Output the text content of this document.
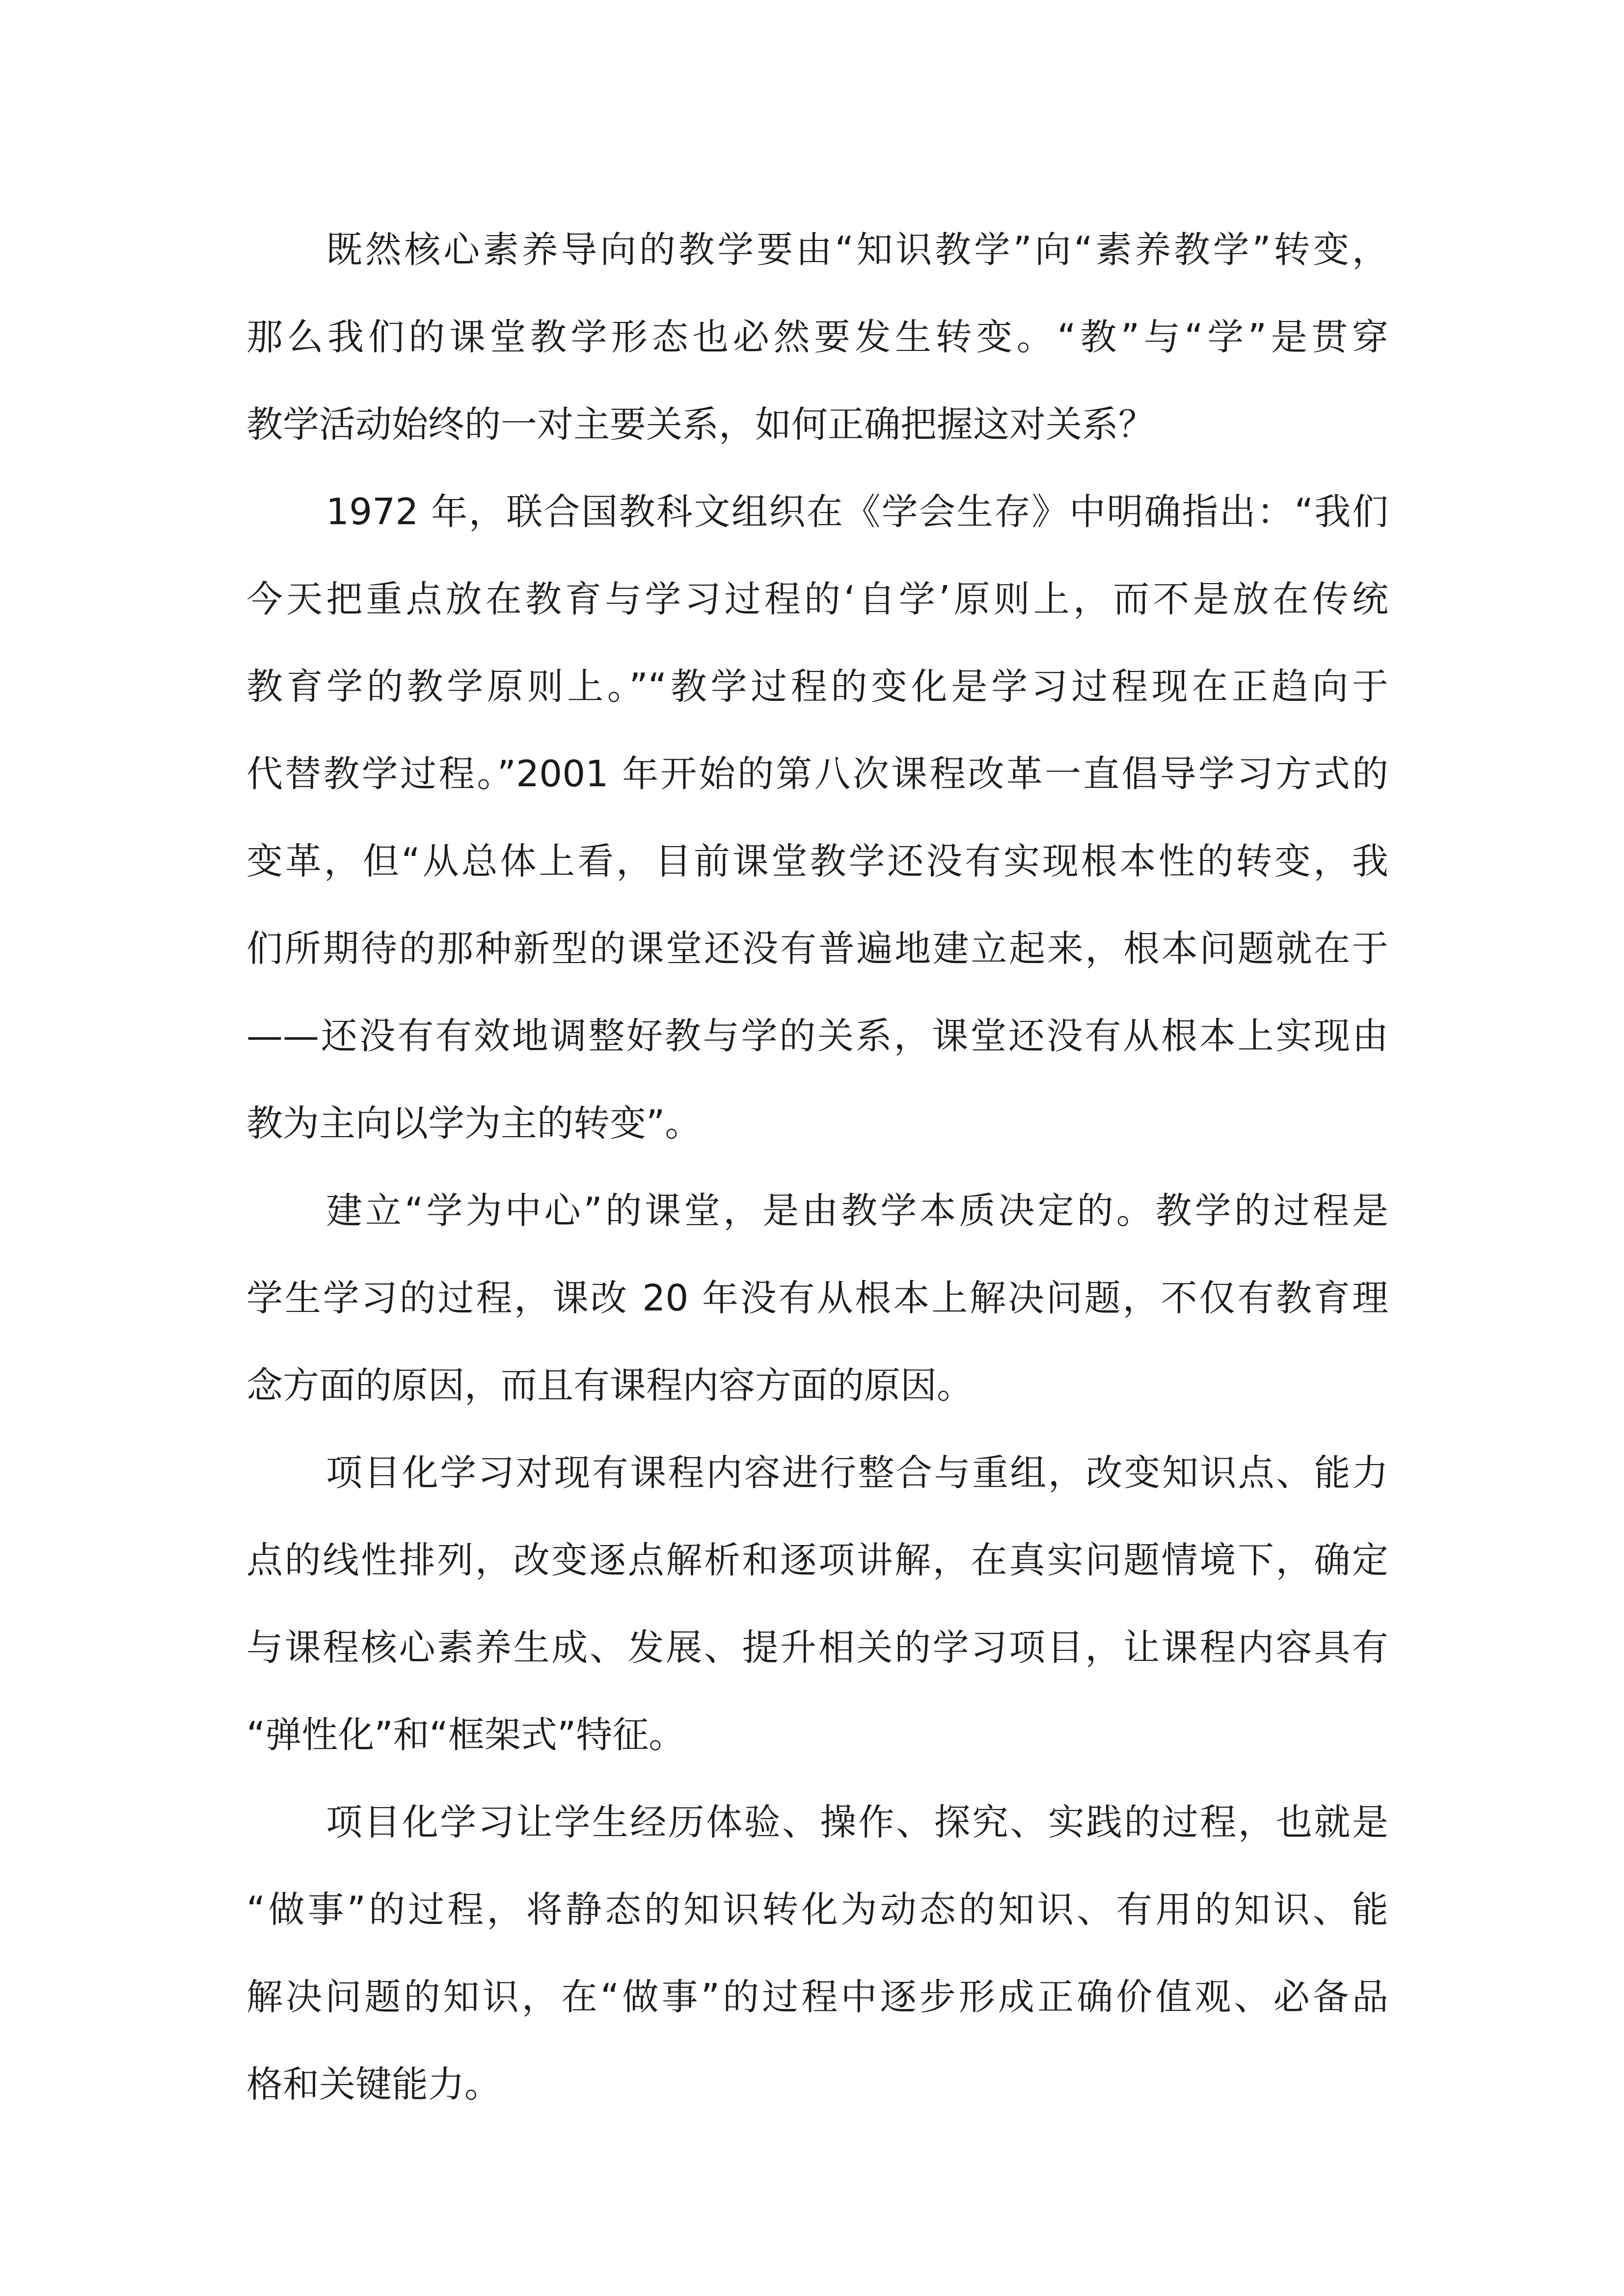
既然核心素养导向的教学要由“知识教学”向“素养教学”转变，
那么我们的课堂教学形态也必然要发生转变。“教”与“学”是贯穿
教学活动始终的一对主要关系，如何正确把握这对关系？
1972 年，联合国教科文组织在《学会生存》中明确指出：“我们
今天把重点放在教育与学习过程的‘自学’原则上，而不是放在传统
教育学的教学原则上。”“教学过程的变化是学习过程现在正趋向于
代替教学过程。”2001 年开始的第八次课程改革一直倡导学习方式的
变革，但“从总体上看，目前课堂教学还没有实现根本性的转变，我
们所期待的那种新型的课堂还没有普遍地建立起来，根本问题就在于
——还没有有效地调整好教与学的关系，课堂还没有从根本上实现由
教为主向以学为主的转变”。
建立“学为中心”的课堂，是由教学本质决定的。教学的过程是
学生学习的过程，课改 20 年没有从根本上解决问题，不仅有教育理
念方面的原因，而且有课程内容方面的原因。
项目化学习对现有课程内容进行整合与重组，改变知识点、能力
点的线性排列，改变逐点解析和逐项讲解，在真实问题情境下，确定
与课程核心素养生成、发展、提升相关的学习项目，让课程内容具有
“弹性化”和“框架式”特征。
项目化学习让学生经历体验、操作、探究、实践的过程，也就是
“做事”的过程，将静态的知识转化为动态的知识、有用的知识、能
解决问题的知识，在“做事”的过程中逐步形成正确价值观、必备品
格和关键能力。
